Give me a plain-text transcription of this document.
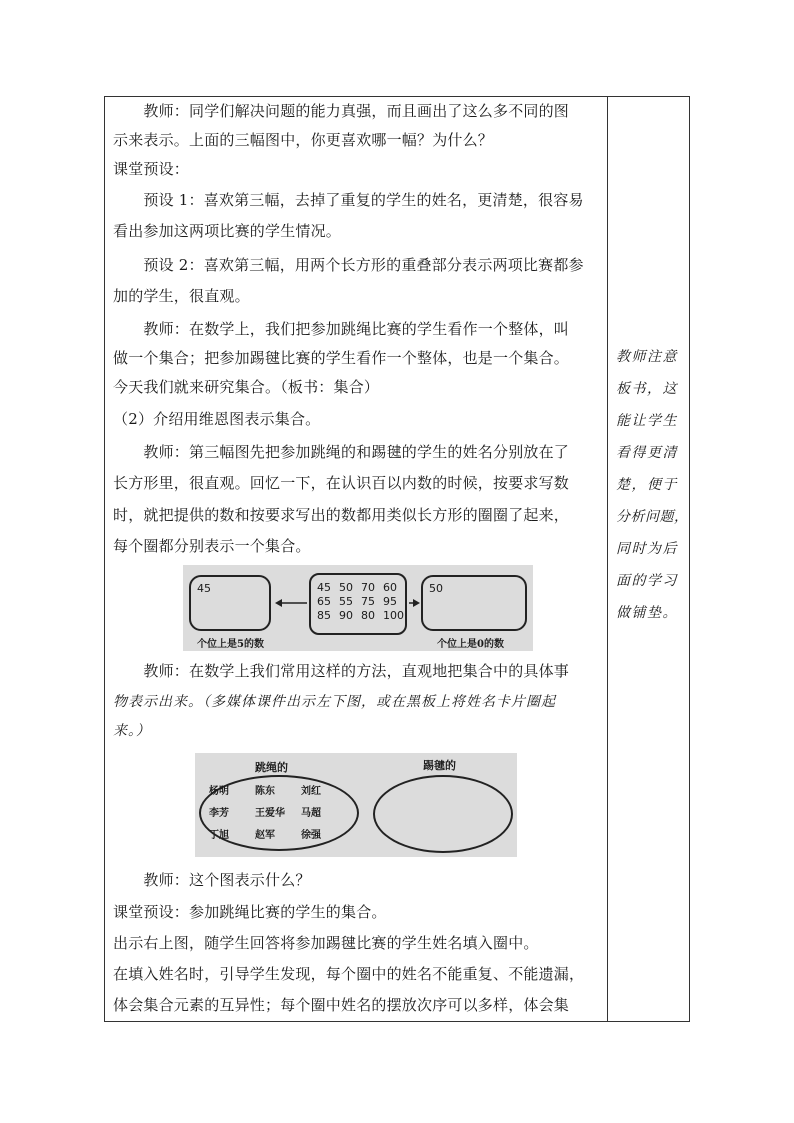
　　教师：同学们解决问题的能力真强，而且画出了这么多不同的图
示来表示。上面的三幅图中，你更喜欢哪一幅？为什么？
课堂预设：
　　预设 1：喜欢第三幅，去掉了重复的学生的姓名，更清楚，很容易
看出参加这两项比赛的学生情况。
　　预设 2：喜欢第三幅，用两个长方形的重叠部分表示两项比赛都参
加的学生，很直观。
　　教师：在数学上，我们把参加跳绳比赛的学生看作一个整体，叫
做一个集合；把参加踢毽比赛的学生看作一个整体，也是一个集合。
今天我们就来研究集合。（板书：集合）
（2）介绍用维恩图表示集合。
　　教师：第三幅图先把参加跳绳的和踢毽的学生的姓名分别放在了
长方形里，很直观。回忆一下，在认识百以内数的时候，按要求写数
时，就把提供的数和按要求写出的数都用类似长方形的圈圈了起来，
每个圈都分别表示一个集合。
45	45 50 70 60
65 55 75 95
85 90 80 100
50
个位上是5的数	个位上是0的数
　　教师：在数学上我们常用这样的方法，直观地把集合中的具体事
物表示出来。（多媒体课件出示左下图，或在黑板上将姓名卡片圈起
来。）
跳绳的	踢毽的
杨明	陈东	刘红
李芳	王爱华	马超
丁旭	赵军	徐强
　　教师：这个图表示什么？
课堂预设：参加跳绳比赛的学生的集合。
出示右上图，随学生回答将参加踢毽比赛的学生姓名填入圈中。
在填入姓名时，引导学生发现，每个圈中的姓名不能重复、不能遗漏，
体会集合元素的互异性；每个圈中姓名的摆放次序可以多样，体会集
教师注意
板书，这
能让学生
看得更清
楚，便于
分析问题，
同时为后
面的学习
做铺垫。
